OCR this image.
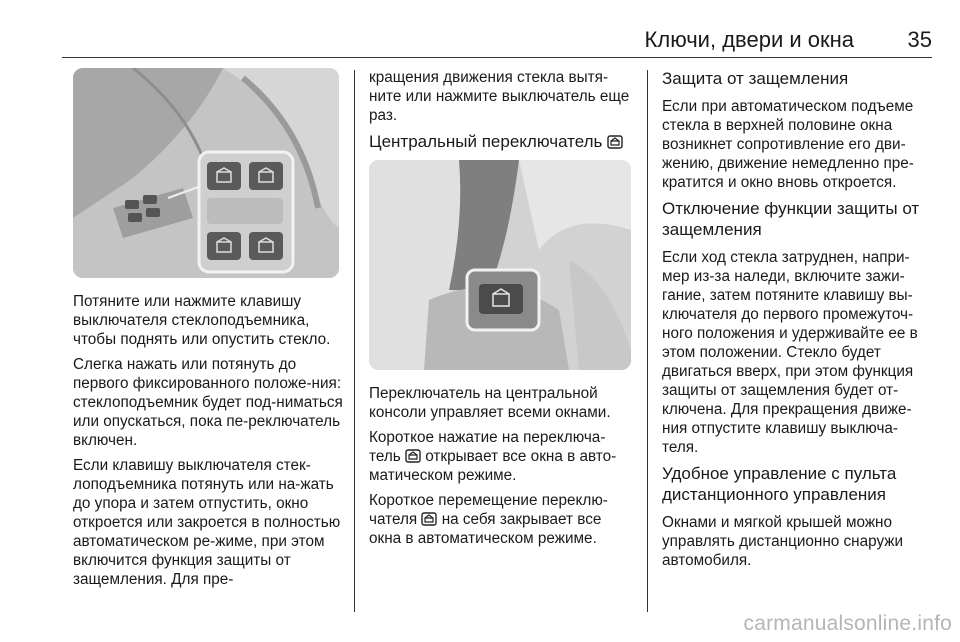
Ключи, двери и окна 35

Потяните или нажмите клавишу выключателя стеклоподъемника, чтобы поднять или опустить стекло.

Слегка нажать или потянуть до первого фиксированного положе-ния: стеклоподъемник будет под-ниматься или опускаться, пока пе-реключатель включен.

Если клавишу выключателя стек-лоподъемника потянуть или на-жать до упора и затем отпустить, окно откроется или закроется в полностью автоматическом ре-жиме, при этом включится функция защиты от защемления. Для пре-

кращения движения стекла вытя-ните или нажмите выключатель еще раз.

Центральный переключатель

Переключатель на центральной консоли управляет всеми окнами.

Короткое нажатие на переключа-тель открывает все окна в авто-матическом режиме.

Короткое перемещение переклю-чателя на себя закрывает все окна в автоматическом режиме.

Защита от защемления

Если при автоматическом подъеме стекла в верхней половине окна возникнет сопротивление его дви-жению, движение немедленно пре-кратится и окно вновь откроется.

Отключение функции защиты от защемления

Если ход стекла затруднен, напри-мер из-за наледи, включите зажи-гание, затем потяните клавишу вы-ключателя до первого промежуточ-ного положения и удерживайте ее в этом положении. Стекло будет двигаться вверх, при этом функция защиты от защемления будет от-ключена. Для прекращения движе-ния отпустите клавишу выключа-теля.

Удобное управление с пульта дистанционного управления

Окнами и мягкой крышей можно управлять дистанционно снаружи автомобиля.

carmanualsonline.info
